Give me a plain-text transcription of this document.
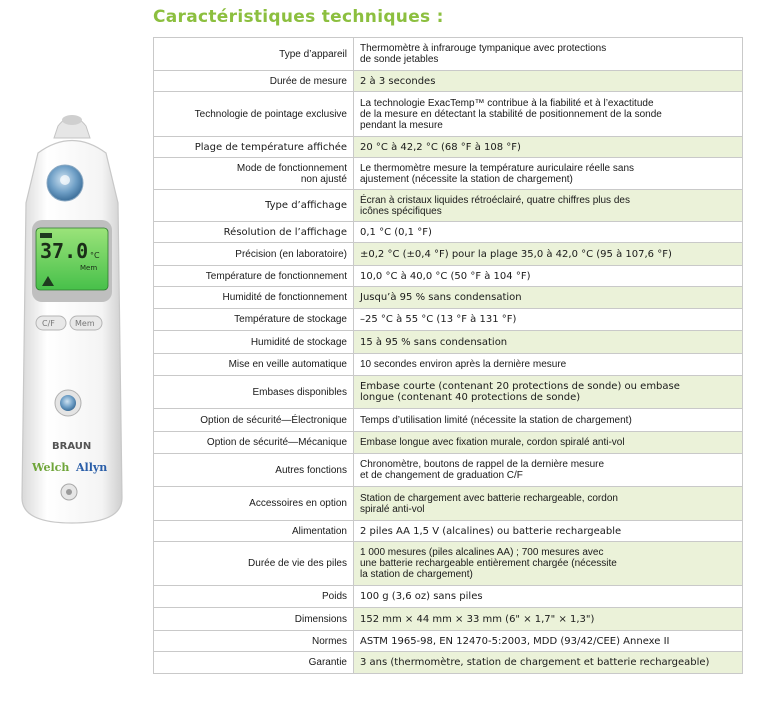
Caractéristiques techniques :
37.0 °C
Mem
C/F	Mem
BRAUN
Welch Allyn
Type d’appareil	Thermomètre à infrarouge tympanique avec protections
de sonde jetables
Durée de mesure	2 à 3 secondes
Technologie de pointage exclusive	La technologie ExacTemp™ contribue à la fiabilité et à l’exactitude
de la mesure en détectant la stabilité de positionnement de la sonde
pendant la mesure
Plage de température affichée	20 °C à 42,2 °C (68 °F à 108 °F)
Mode de fonctionnement
non ajusté	Le thermomètre mesure la température auriculaire réelle sans
ajustement (nécessite la station de chargement)
Type d’affichage	Écran à cristaux liquides rétroéclairé, quatre chiffres plus des
icônes spécifiques
Résolution de l’affichage	0,1 °C (0,1 °F)
Précision (en laboratoire)	±0,2 °C (±0,4 °F) pour la plage 35,0 à 42,0 °C (95 à 107,6 °F)
Température de fonctionnement	10,0 °C à 40,0 °C (50 °F à 104 °F)
Humidité de fonctionnement	Jusqu’à 95 % sans condensation
Température de stockage	–25 °C à 55 °C (13 °F à 131 °F)
Humidité de stockage	15 à 95 % sans condensation
Mise en veille automatique	10 secondes environ après la dernière mesure
Embases disponibles	Embase courte (contenant 20 protections de sonde) ou embase
longue (contenant 40 protections de sonde)
Option de sécurité—Électronique	Temps d’utilisation limité (nécessite la station de chargement)
Option de sécurité—Mécanique	Embase longue avec fixation murale, cordon spiralé anti-vol
Autres fonctions	Chronomètre, boutons de rappel de la dernière mesure
et de changement de graduation C/F
Accessoires en option	Station de chargement avec batterie rechargeable, cordon
spiralé anti-vol
Alimentation	2 piles AA 1,5 V (alcalines) ou batterie rechargeable
Durée de vie des piles	1 000 mesures (piles alcalines AA) ; 700 mesures avec
une batterie rechargeable entièrement chargée (nécessite
la station de chargement)
Poids	100 g (3,6 oz) sans piles
Dimensions	152 mm × 44 mm × 33 mm (6" × 1,7" × 1,3")
Normes	ASTM 1965-98, EN 12470-5:2003, MDD (93/42/CEE) Annexe II
Garantie	3 ans (thermomètre, station de chargement et batterie rechargeable)
